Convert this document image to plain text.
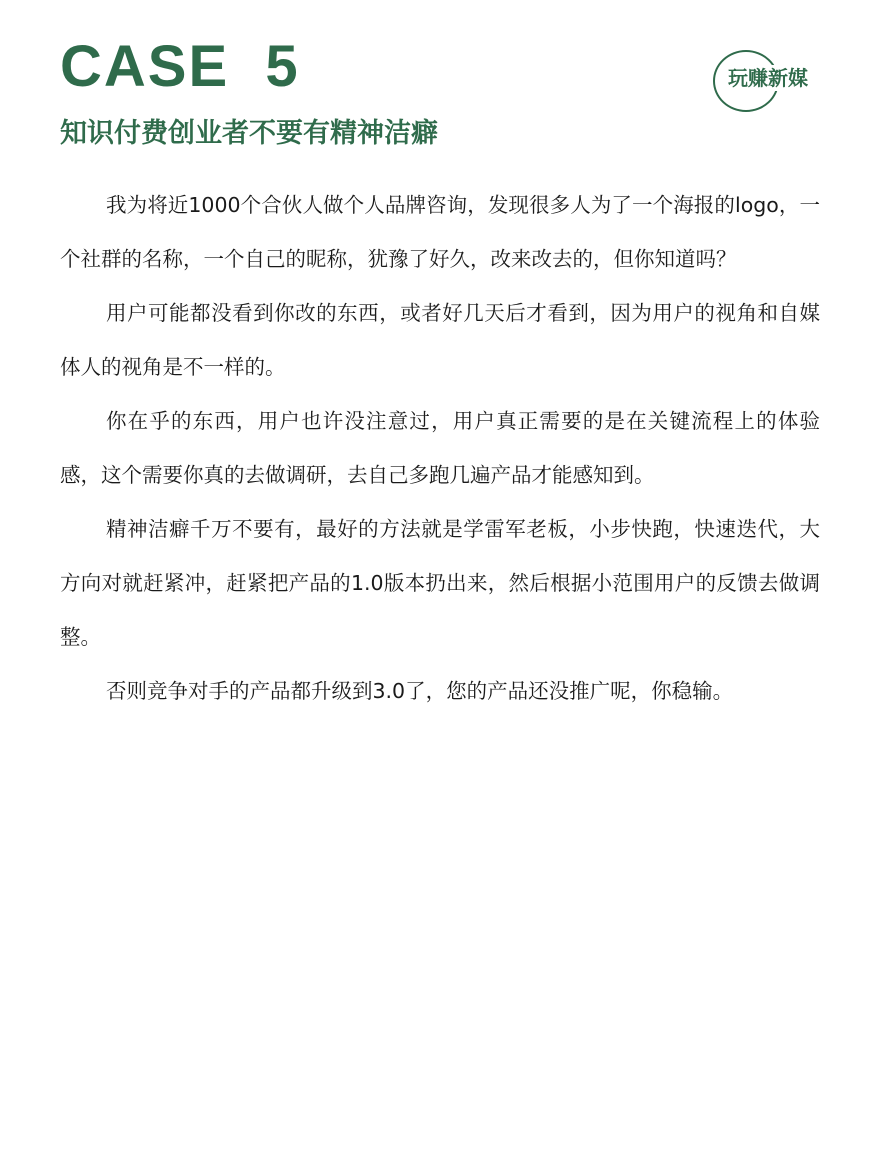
CASE  5	玩赚新媒
知识付费创业者不要有精神洁癖

我为将近1000个合伙人做个人品牌咨询，发现很多人为了一个海报的logo，一个社群的名称，一个自己的昵称，犹豫了好久，改来改去的，但你知道吗？

用户可能都没看到你改的东西，或者好几天后才看到，因为用户的视角和自媒体人的视角是不一样的。

你在乎的东西，用户也许没注意过，用户真正需要的是在关键流程上的体验感，这个需要你真的去做调研，去自己多跑几遍产品才能感知到。

精神洁癖千万不要有，最好的方法就是学雷军老板，小步快跑，快速迭代，大方向对就赶紧冲，赶紧把产品的1.0版本扔出来，然后根据小范围用户的反馈去做调整。

否则竞争对手的产品都升级到3.0了，您的产品还没推广呢，你稳输。
